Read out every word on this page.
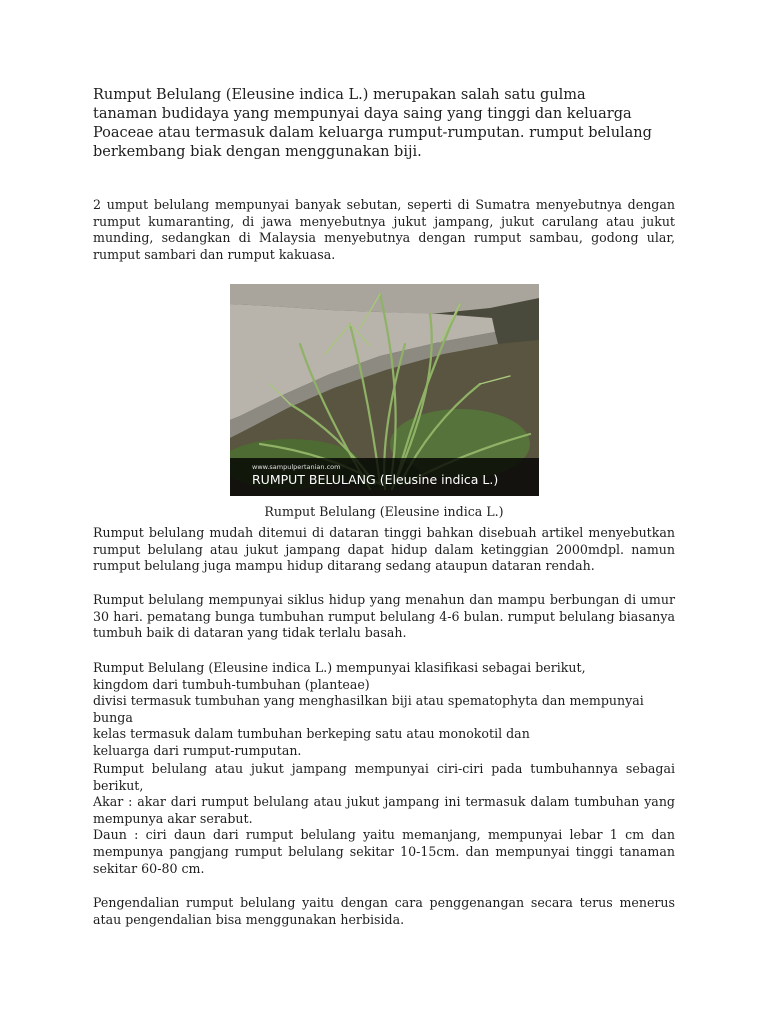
Rumput Belulang (Eleusine indica L.) merupakan salah satu gulma tanaman budidaya yang mempunyai daya saing yang tinggi dan keluarga Poaceae atau termasuk dalam keluarga rumput-rumputan. rumput belulang berkembang biak dengan menggunakan biji.

2 umput belulang mempunyai banyak sebutan, seperti di Sumatra menyebutnya dengan rumput kumaranting, di jawa menyebutnya jukut jampang, jukut carulang atau jukut munding, sedangkan di Malaysia menyebutnya dengan rumput sambau, godong ular, rumput sambari dan rumput kakuasa.

www.sampulpertanian.com
RUMPUT BELULANG (Eleusine indica L.)

Rumput Belulang (Eleusine indica L.)

Rumput belulang mudah ditemui di dataran tinggi bahkan disebuah artikel menyebutkan rumput belulang atau jukut jampang dapat hidup dalam ketinggian 2000mdpl. namun rumput belulang juga mampu hidup ditarang sedang ataupun dataran rendah.

Rumput belulang mempunyai siklus hidup yang menahun dan mampu berbungan di umur 30 hari. pematang bunga tumbuhan rumput belulang 4-6 bulan. rumput belulang biasanya tumbuh baik di dataran yang tidak terlalu basah.

Rumput Belulang (Eleusine indica L.) mempunyai klasifikasi sebagai berikut,
kingdom dari tumbuh-tumbuhan (planteae)
divisi termasuk tumbuhan yang menghasilkan biji atau spematophyta dan mempunyai bunga
kelas termasuk dalam tumbuhan berkeping satu atau monokotil dan
keluarga dari rumput-rumputan.
Rumput belulang atau jukut jampang mempunyai ciri-ciri pada tumbuhannya sebagai berikut,
Akar : akar dari rumput belulang atau jukut jampang ini termasuk dalam tumbuhan yang mempunya akar serabut.
Daun : ciri daun dari rumput belulang yaitu memanjang, mempunyai lebar 1 cm dan mempunya pangjang rumput belulang sekitar 10-15cm. dan mempunyai tinggi tanaman sekitar 60-80 cm.

Pengendalian rumput belulang yaitu dengan cara penggenangan secara terus menerus atau pengendalian bisa menggunakan herbisida.
